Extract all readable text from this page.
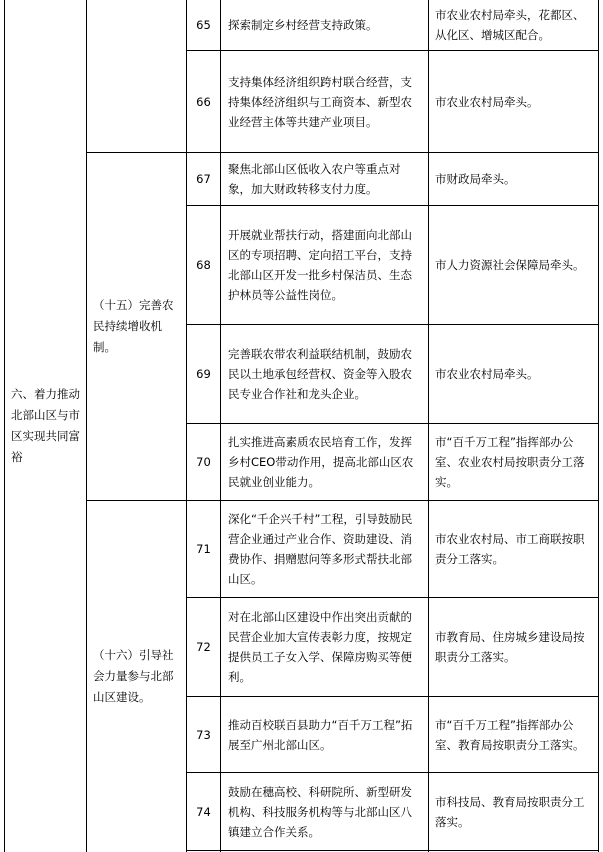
六、着力推动北部山区与市区实现共同富裕
（十五）完善农民持续增收机制。
（十六）引导社会力量参与北部山区建设。
65	探索制定乡村经营支持政策。
市农业农村局牵头，花都区、从化区、增城区配合。
66
支持集体经济组织跨村联合经营，支持集体经济组织与工商资本、新型农业经营主体等共建产业项目。
市农业农村局牵头。
67
聚焦北部山区低收入农户等重点对象，加大财政转移支付力度。
市财政局牵头。
68
开展就业帮扶行动，搭建面向北部山区的专项招聘、定向招工平台，支持北部山区开发一批乡村保洁员、生态护林员等公益性岗位。
市人力资源社会保障局牵头。
69
完善联农带农利益联结机制，鼓励农民以土地承包经营权、资金等入股农民专业合作社和龙头企业。
市农业农村局牵头。
70
扎实推进高素质农民培育工作，发挥乡村CEO带动作用，提高北部山区农民就业创业能力。
市“百千万工程”指挥部办公室、农业农村局按职责分工落实。
71
深化“千企兴千村”工程，引导鼓励民营企业通过产业合作、资助建设、消费协作、捐赠慰问等多形式帮扶北部山区。
市农业农村局、市工商联按职责分工落实。
72
对在北部山区建设中作出突出贡献的民营企业加大宣传表彰力度，按规定提供员工子女入学、保障房购买等便利。
市教育局、住房城乡建设局按职责分工落实。
73
推动百校联百县助力“百千万工程”拓展至广州北部山区。
市“百千万工程”指挥部办公室、教育局按职责分工落实。
74
鼓励在穗高校、科研院所、新型研发机构、科技服务机构等与北部山区八镇建立合作关系。
市科技局、教育局按职责分工落实。
